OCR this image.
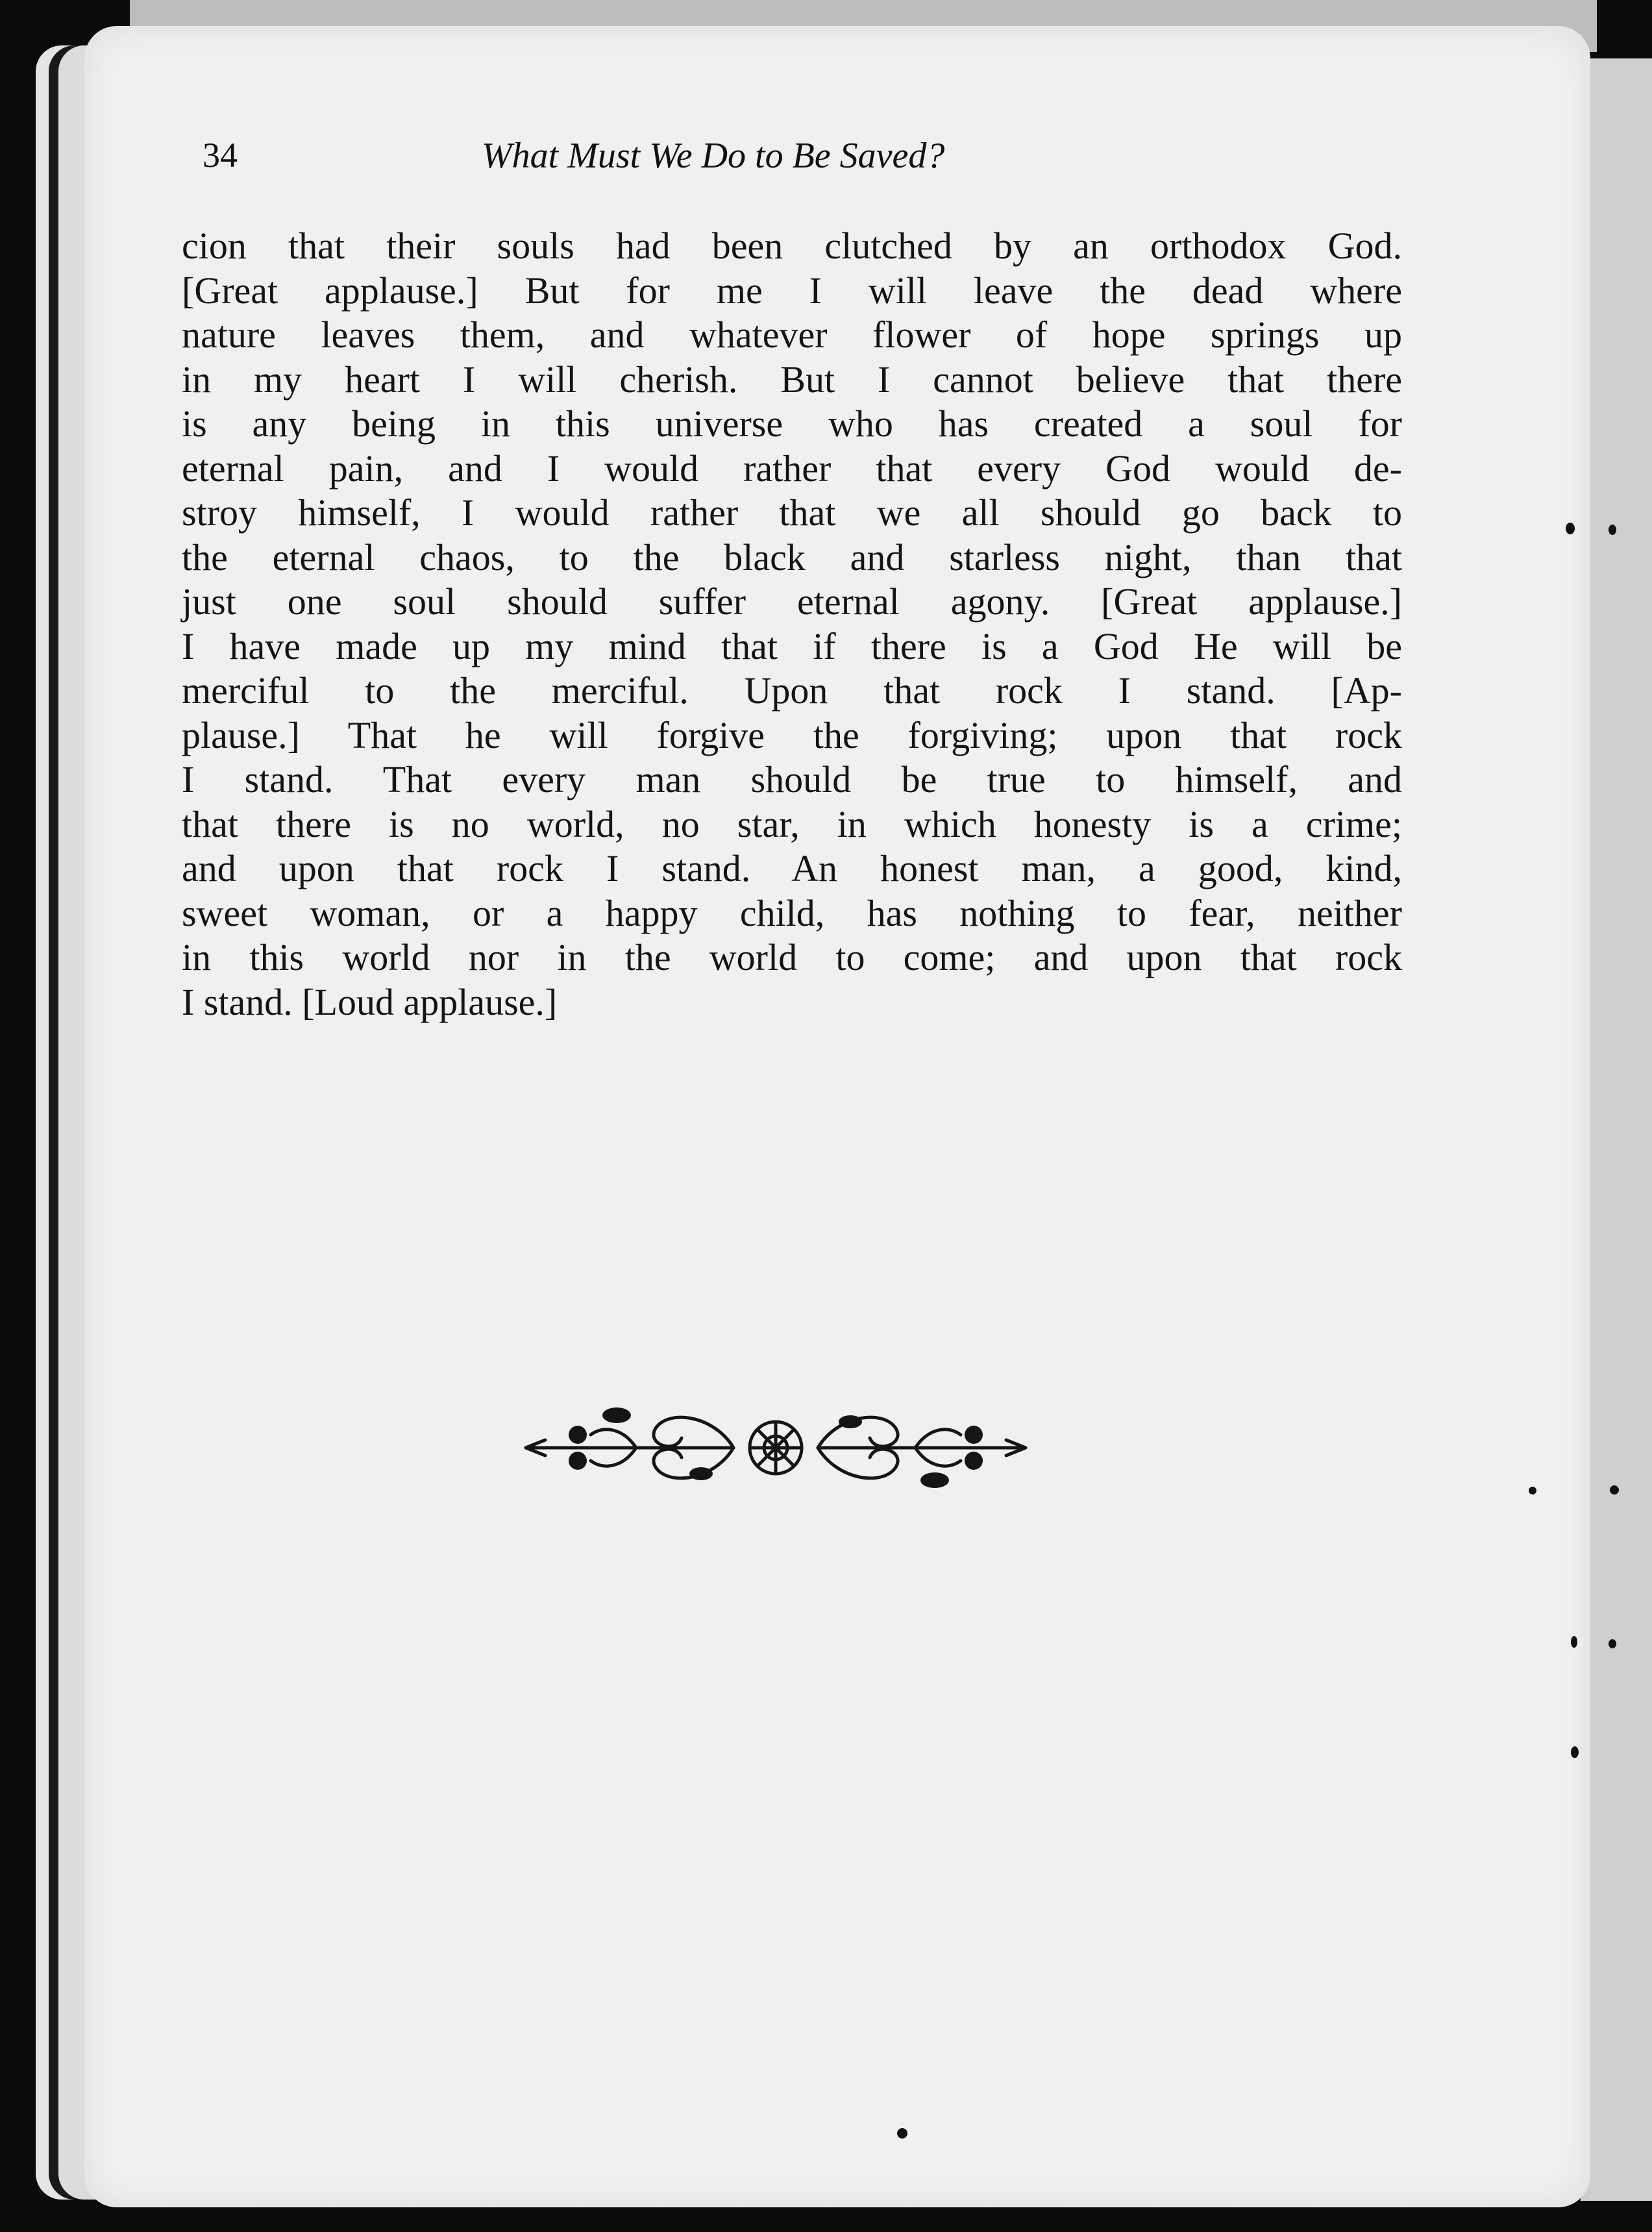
34	What Must We Do to Be Saved?
cion that their souls had been clutched by an orthodox God.
[Great applause.] But for me I will leave the dead where
nature leaves them, and whatever flower of hope springs up
in my heart I will cherish. But I cannot believe that there
is any being in this universe who has created a soul for
eternal pain, and I would rather that every God would de-
stroy himself, I would rather that we all should go back to
the eternal chaos, to the black and starless night, than that
just one soul should suffer eternal agony. [Great applause.]
I have made up my mind that if there is a God He will be
merciful to the merciful. Upon that rock I stand. [Ap-
plause.] That he will forgive the forgiving; upon that rock
I stand. That every man should be true to himself, and
that there is no world, no star, in which honesty is a crime;
and upon that rock I stand. An honest man, a good, kind,
sweet woman, or a happy child, has nothing to fear, neither
in this world nor in the world to come; and upon that rock
I stand. [Loud applause.]
